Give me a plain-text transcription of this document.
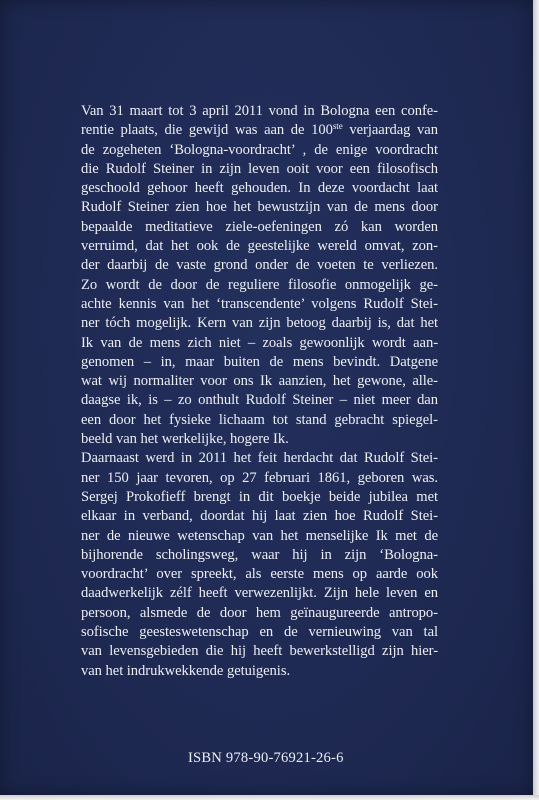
Van 31 maart tot 3 april 2011 vond in Bologna een confe-
rentie plaats, die gewijd was aan de 100ste verjaardag van
de zogeheten ‘Bologna-voordracht’ , de enige voordracht
die Rudolf Steiner in zijn leven ooit voor een filosofisch
geschoold gehoor heeft gehouden. In deze voordacht laat
Rudolf Steiner zien hoe het bewustzijn van de mens door
bepaalde meditatieve ziele-oefeningen zó kan worden
verruimd, dat het ook de geestelijke wereld omvat, zon-
der daarbij de vaste grond onder de voeten te verliezen.
Zo wordt de door de reguliere filosofie onmogelijk ge-
achte kennis van het ‘transcendente’ volgens Rudolf Stei-
ner tóch mogelijk. Kern van zijn betoog daarbij is, dat het
Ik van de mens zich niet – zoals gewoonlijk wordt aan-
genomen – in, maar buiten de mens bevindt. Datgene
wat wij normaliter voor ons Ik aanzien, het gewone, alle-
daagse ik, is – zo onthult Rudolf Steiner – niet meer dan
een door het fysieke lichaam tot stand gebracht spiegel-
beeld van het werkelijke, hogere Ik.
Daarnaast werd in 2011 het feit herdacht dat Rudolf Stei-
ner 150 jaar tevoren, op 27 februari 1861, geboren was.
Sergej Prokofieff brengt in dit boekje beide jubilea met
elkaar in verband, doordat hij laat zien hoe Rudolf Stei-
ner de nieuwe wetenschap van het menselijke Ik met de
bijhorende scholingsweg, waar hij in zijn ‘Bologna-
voordracht’ over spreekt, als eerste mens op aarde ook
daadwerkelijk zélf heeft verwezenlijkt. Zijn hele leven en
persoon, alsmede de door hem geïnaugureerde antropo-
sofische geesteswetenschap en de vernieuwing van tal
van levensgebieden die hij heeft bewerkstelligd zijn hier-
van het indrukwekkende getuigenis.
ISBN 978-90-76921-26-6
